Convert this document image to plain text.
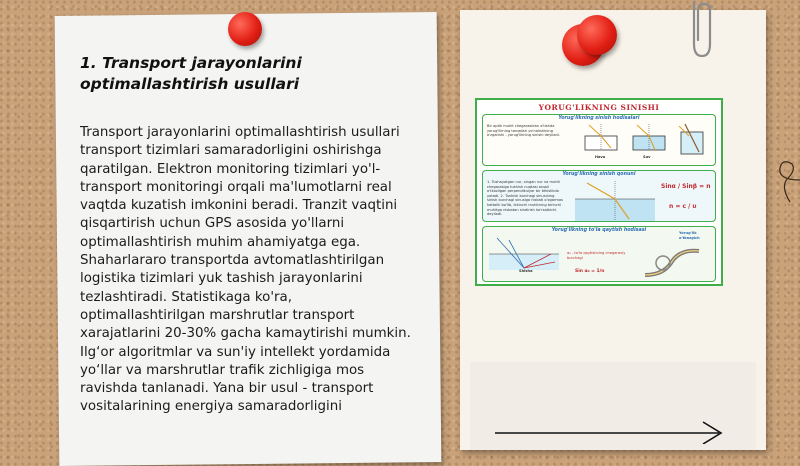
1. Transport jarayonlarini optimallashtirish usullari

Transport jarayonlarini optimallashtirish usullari transport tizimlari samaradorligini oshirishga qaratilgan. Elektron monitoring tizimlari yo'l-transport monitoringi orqali ma'lumotlarni real vaqtda kuzatish imkonini beradi. Tranzit vaqtini qisqartirish uchun GPS asosida yo'llarni optimallashtirish muhim ahamiyatga ega. Shaharlararo transportda avtomatlashtirilgan logistika tizimlari yuk tashish jarayonlarini tezlashtiradi. Statistikaga ko'ra, optimallashtirilgan marshrutlar transport xarajatlarini 20-30% gacha kamaytirishi mumkin. Ilg‘or algoritmlar va sun'iy intellekt yordamida yo‘llar va marshrutlar trafik zichligiga mos ravishda tanlanadi. Yana bir usul - transport vositalarining energiya samaradorligini

YORUG'LIKNING SINISHI
Yorug'likning sinish hodisalari
Bir optik muhit chegarasidan o'tishda yorug'likning tarqalish yo'nalishining o'zgarishi - yorug'likning sinishi deyiladi.
Havo	Suv
Yorug'likning sinish qonuni
1. Tushayotgan nur, singan nur va muhit chegarasiga tushish nuqtasi orqali o'tkazilgan perpendikulyar bir tekislikda yotadi. 2. Tushish burchagi sinusining sinish burchagi sinusiga nisbati o'zgarmas kattalik bo'lib, ikkinchi muhitning birinchi muhitga nisbatan sindirish ko'rsatkichi deyiladi.
Sinα / Sinβ = n
n = c / υ
Yorug'likning to'la qaytish hodisasi
Shisha
α₀ - to'la qaytishning chegaraviy burchagi
Sin α₀ = 1/n
Yorug'lik o'tkazgich
